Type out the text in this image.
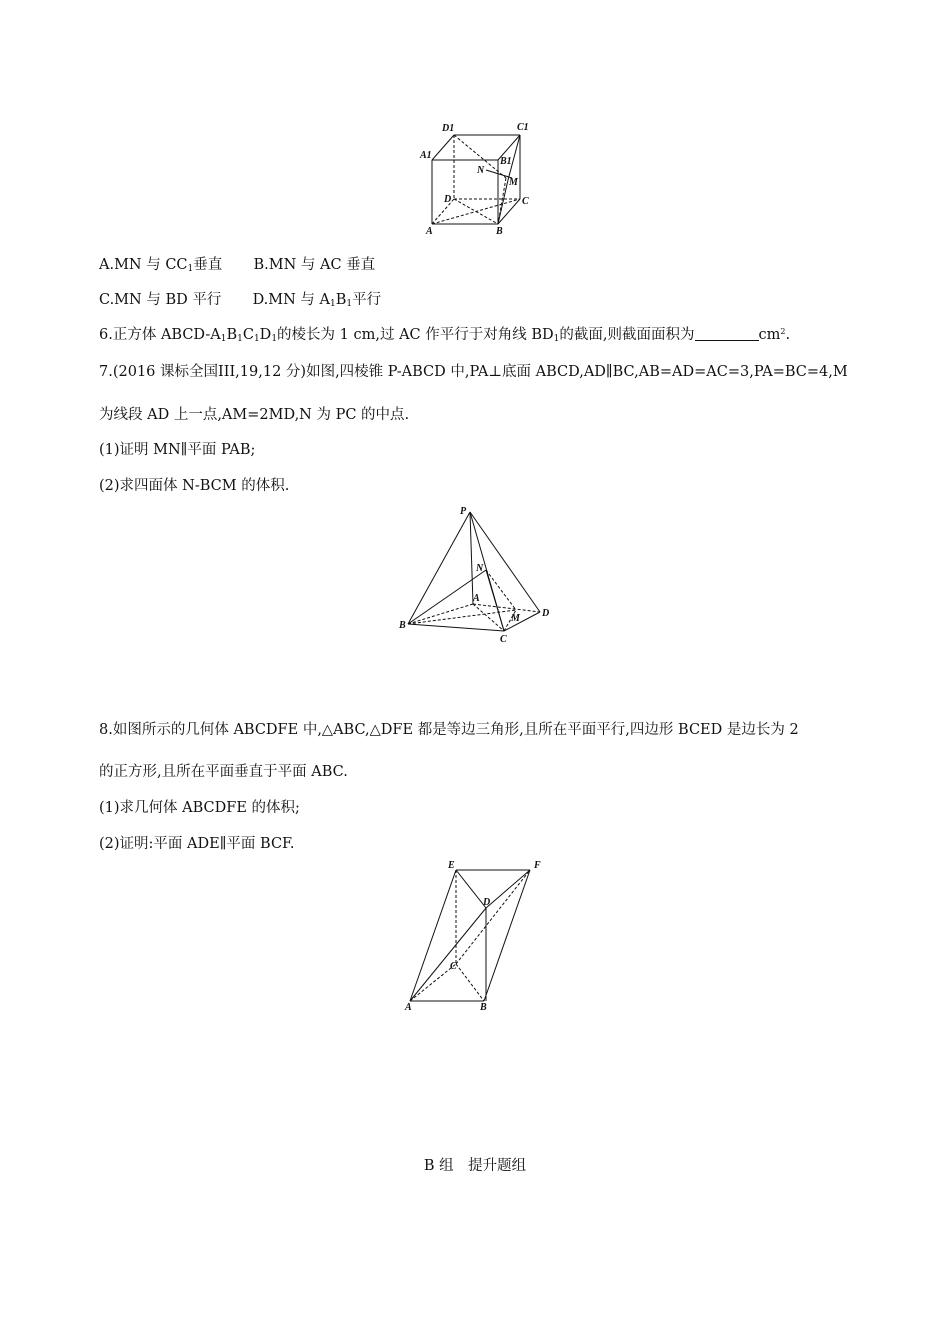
D1	C1
A1
B1
N
M
D	C
A	B
A.MN 与 $CC_1$垂直 B.MN 与 AC 垂直
C.MN 与 BD 平行 D.MN 与 $A_1B_1$平行
6.正方体 ABCD-$A_1B_1C_1D_1$的棱长为 1 cm,过 AC 作平行于对角线 $BD_1$的截面,则截面面积为	$cm^2$.
7.(2016 课标全国III,19,12 分)如图,四棱锥 P-ABCD 中,PA⊥底面 ABCD,AD∥BC,AB=AD=AC=3,PA=BC=4,M
为线段 AD 上一点,AM=2MD,N 为 PC 的中点.
(1)证明 MN∥平面 PAB;
(2)求四面体 N-BCM 的体积.
P
N
A
M D
B
C
8.如图所示的几何体 ABCDFE 中,△ABC,△DFE 都是等边三角形,且所在平面平行,四边形 BCED 是边长为 2
的正方形,且所在平面垂直于平面 ABC.
(1)求几何体 ABCDFE 的体积;
(2)证明:平面 ADE∥平面 BCF.
E	F
D
C
A	B
B 组　提升题组
